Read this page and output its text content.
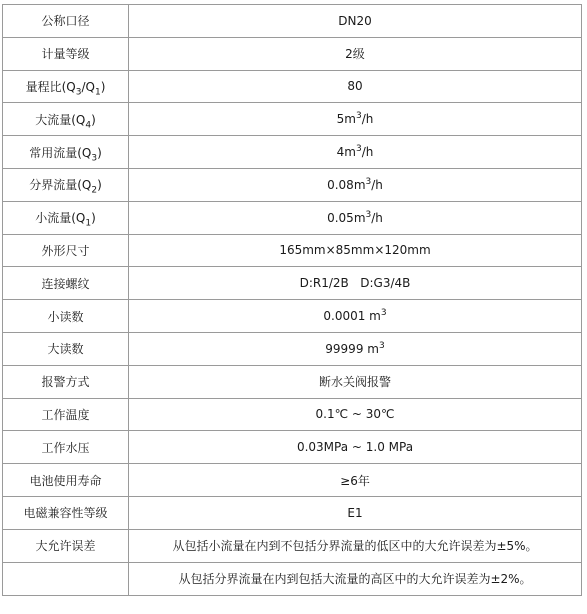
公称口径	DN20
计量等级	2级
量程比$(Q_3/Q_1)$	80
大流量$(Q_4)$	$5m^3/h$
常用流量$(Q_3)$	$4m^3/h$
分界流量$(Q_2)$	$0.08m^3/h$
小流量$(Q_1)$	$0.05m^3/h$
外形尺寸	165mm×85mm×120mm
连接螺纹	D:R1/2B   D:G3/4B
小读数	0.0001 $m^3$
大读数	99999 $m^3$
报警方式	断水关阀报警
工作温度	0.1℃ ~ 30℃
工作水压	0.03MPa ~ 1.0 MPa
电池使用寿命	≥6年
电磁兼容性等级	E1
大允许误差	从包括小流量在内到不包括分界流量的低区中的大允许误差为±5%。
	从包括分界流量在内到包括大流量的高区中的大允许误差为±2%。
